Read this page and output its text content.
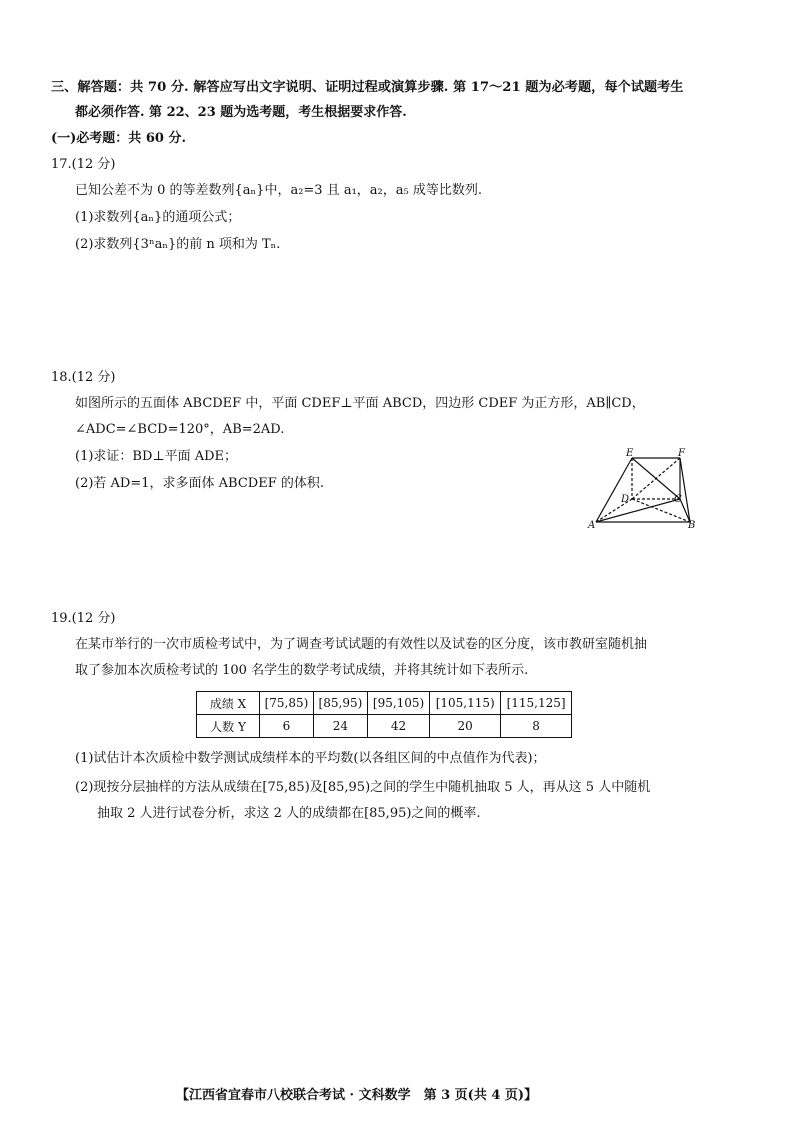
三、解答题：共 70 分. 解答应写出文字说明、证明过程或演算步骤. 第 17～21 题为必考题，每个试题考生
都必须作答. 第 22、23 题为选考题，考生根据要求作答.
(一)必考题：共 60 分.
17.(12 分)
已知公差不为 0 的等差数列{aₙ}中，a₂=3 且 a₁，a₂，a₅ 成等比数列.
(1)求数列{aₙ}的通项公式；
(2)求数列{3ⁿaₙ}的前 n 项和为 Tₙ.
18.(12 分)
如图所示的五面体 ABCDEF 中，平面 CDEF⊥平面 ABCD，四边形 CDEF 为正方形，AB∥CD，
∠ADC=∠BCD=120°，AB=2AD.
(1)求证：BD⊥平面 ADE；
(2)若 AD=1，求多面体 ABCDEF 的体积.
E	F
D	C
A	B
19.(12 分)
在某市举行的一次市质检考试中，为了调查考试试题的有效性以及试卷的区分度，该市教研室随机抽
取了参加本次质检考试的 100 名学生的数学考试成绩，并将其统计如下表所示.
成绩 X	[75,85)	[85,95)	[95,105)	[105,115)	[115,125]
人数 Y	6	24	42	20	8
(1)试估计本次质检中数学测试成绩样本的平均数(以各组区间的中点值作为代表)；
(2)现按分层抽样的方法从成绩在[75,85)及[85,95)之间的学生中随机抽取 5 人，再从这 5 人中随机
抽取 2 人进行试卷分析，求这 2 人的成绩都在[85,95)之间的概率.
【江西省宜春市八校联合考试 · 文科数学　第 3 页(共 4 页)】
